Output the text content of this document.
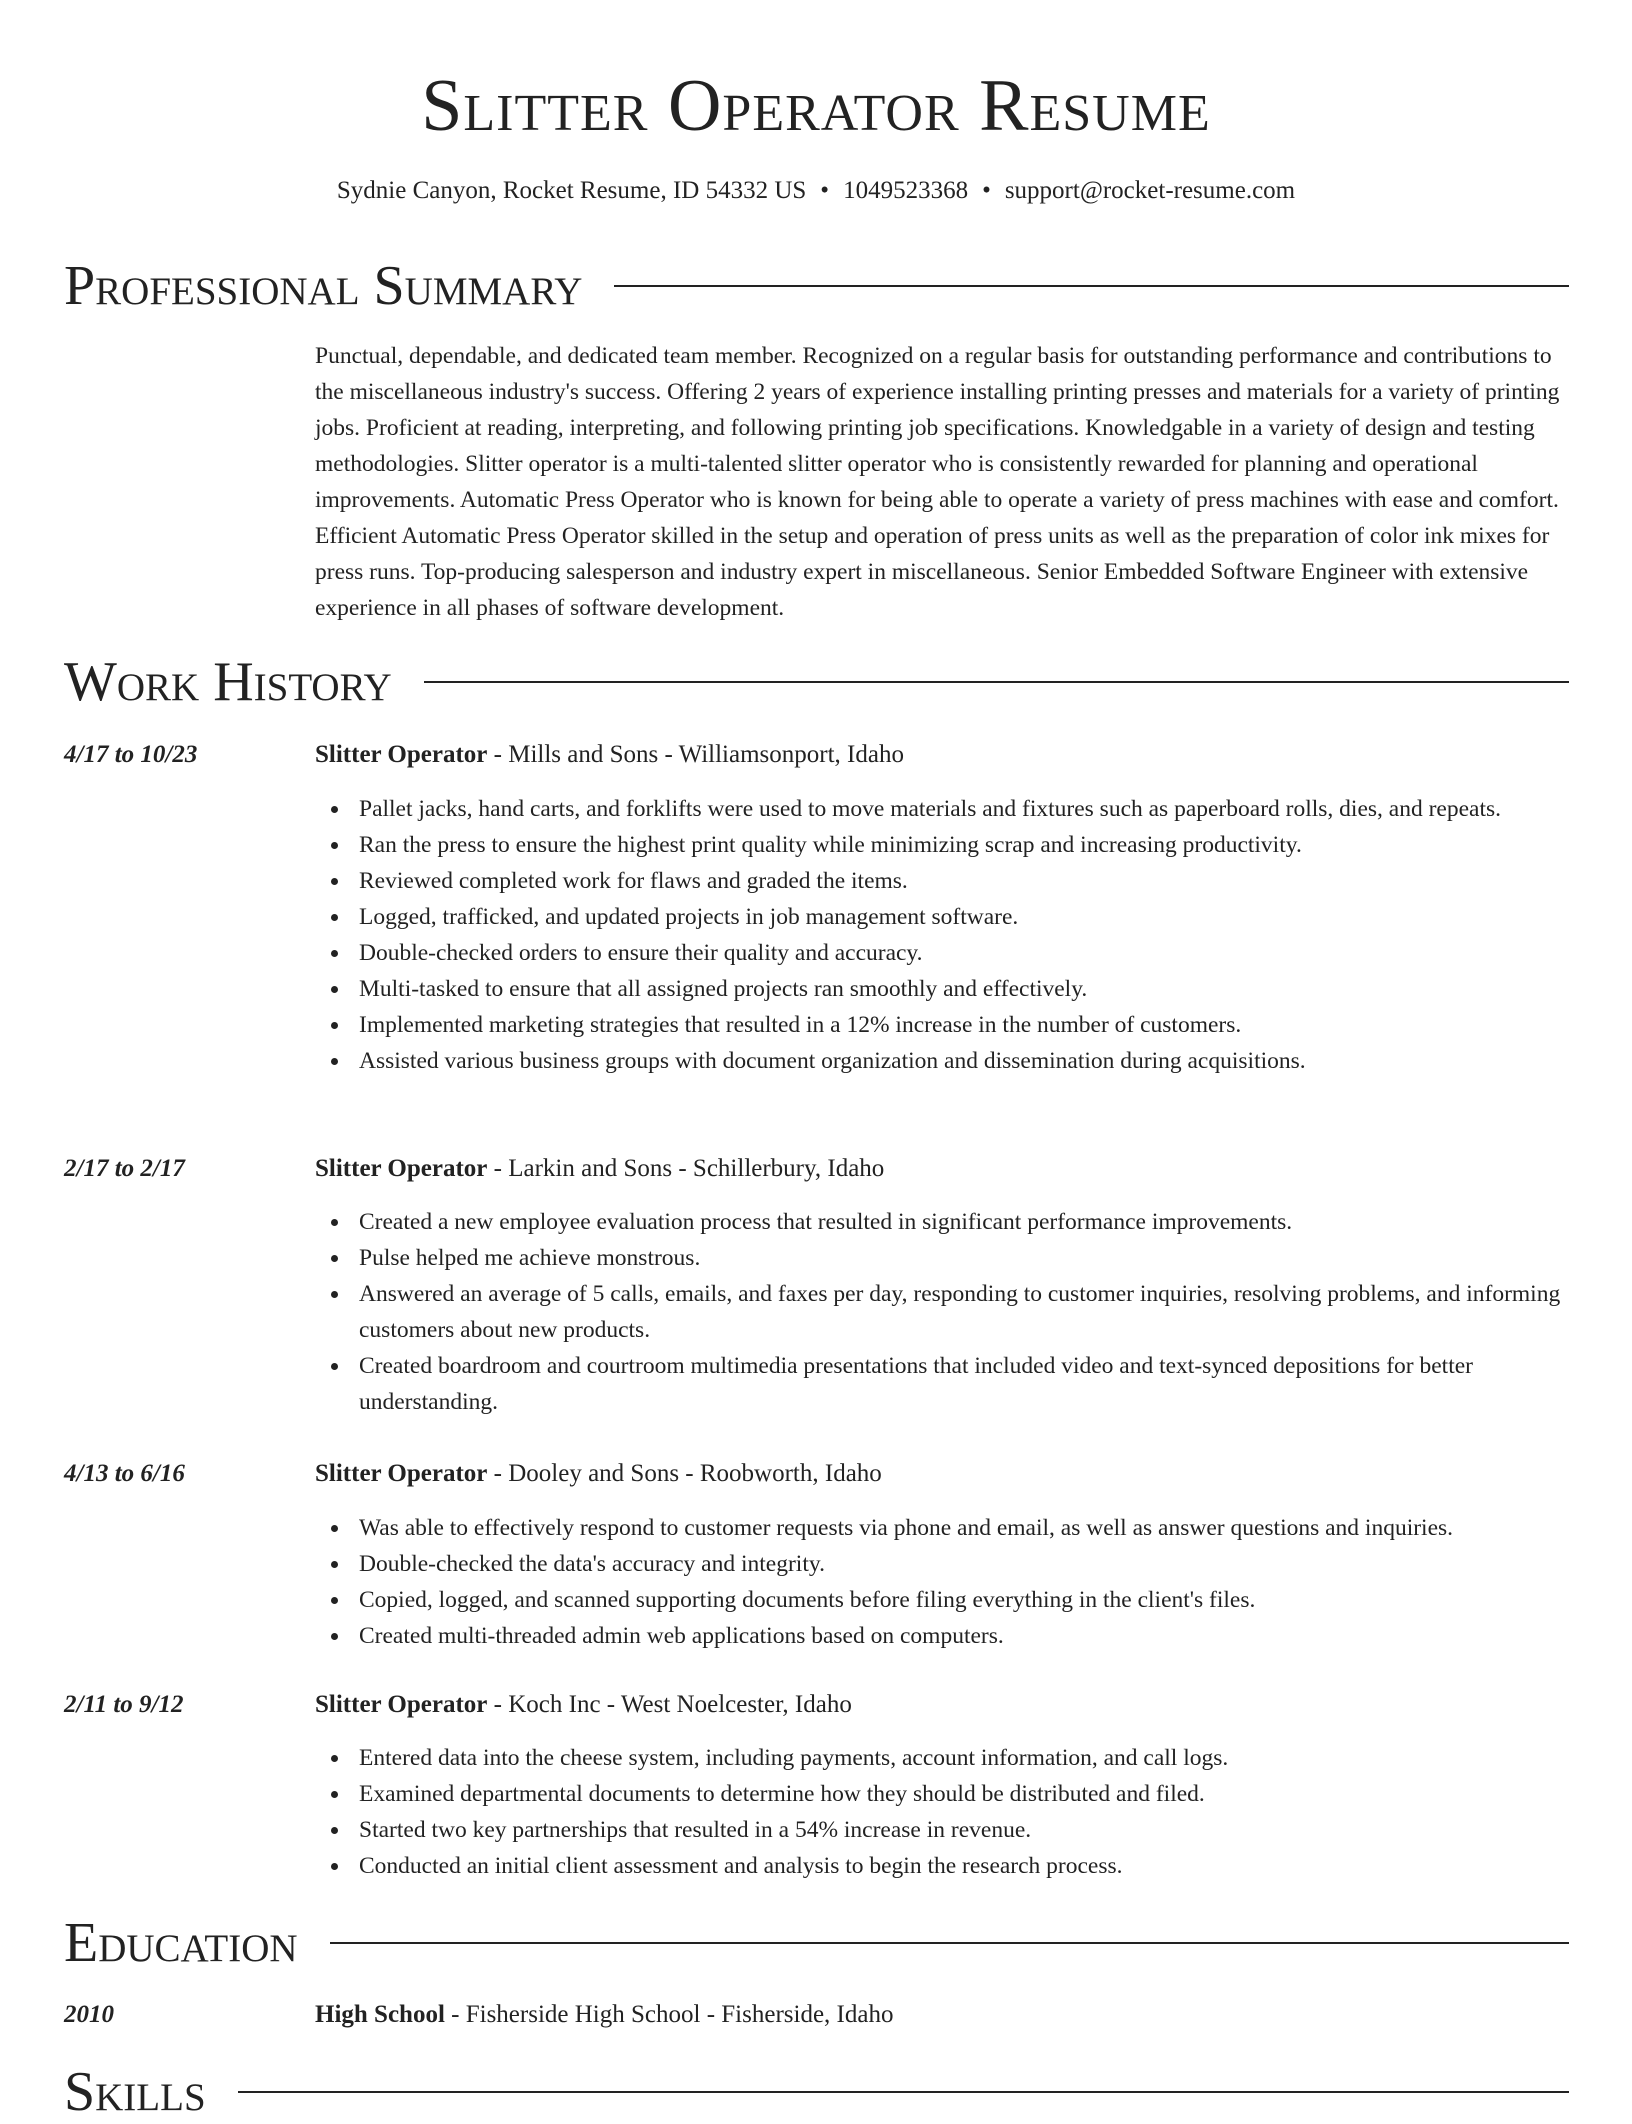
Slitter Operator Resume
Sydnie Canyon, Rocket Resume, ID 54332 US • 1049523368 • support@rocket-resume.com
Professional Summary

Punctual, dependable, and dedicated team member. Recognized on a regular basis for outstanding performance and contributions to the miscellaneous industry's success. Offering 2 years of experience installing printing presses and materials for a variety of printing jobs. Proficient at reading, interpreting, and following printing job specifications. Knowledgable in a variety of design and testing methodologies. Slitter operator is a multi-talented slitter operator who is consistently rewarded for planning and operational improvements. Automatic Press Operator who is known for being able to operate a variety of press machines with ease and comfort. Efficient Automatic Press Operator skilled in the setup and operation of press units as well as the preparation of color ink mixes for press runs. Top-producing salesperson and industry expert in miscellaneous. Senior Embedded Software Engineer with extensive experience in all phases of software development.

Work History
4/17 to 10/23	Slitter Operator - Mills and Sons - Williamsonport, Idaho
Pallet jacks, hand carts, and forklifts were used to move materials and fixtures such as paperboard rolls, dies, and repeats.
Ran the press to ensure the highest print quality while minimizing scrap and increasing productivity.
Reviewed completed work for flaws and graded the items.
Logged, trafficked, and updated projects in job management software.
Double-checked orders to ensure their quality and accuracy.
Multi-tasked to ensure that all assigned projects ran smoothly and effectively.
Implemented marketing strategies that resulted in a 12% increase in the number of customers.
Assisted various business groups with document organization and dissemination during acquisitions.
2/17 to 2/17	Slitter Operator - Larkin and Sons - Schillerbury, Idaho
Created a new employee evaluation process that resulted in significant performance improvements.
Pulse helped me achieve monstrous.
Answered an average of 5 calls, emails, and faxes per day, responding to customer inquiries, resolving problems, and informing customers about new products.
Created boardroom and courtroom multimedia presentations that included video and text-synced depositions for better understanding.
4/13 to 6/16	Slitter Operator - Dooley and Sons - Roobworth, Idaho
Was able to effectively respond to customer requests via phone and email, as well as answer questions and inquiries.
Double-checked the data's accuracy and integrity.
Copied, logged, and scanned supporting documents before filing everything in the client's files.
Created multi-threaded admin web applications based on computers.
2/11 to 9/12	Slitter Operator - Koch Inc - West Noelcester, Idaho
Entered data into the cheese system, including payments, account information, and call logs.
Examined departmental documents to determine how they should be distributed and filed.
Started two key partnerships that resulted in a 54% increase in revenue.
Conducted an initial client assessment and analysis to begin the research process.
Education
2010	High School - Fisherside High School - Fisherside, Idaho
Skills
